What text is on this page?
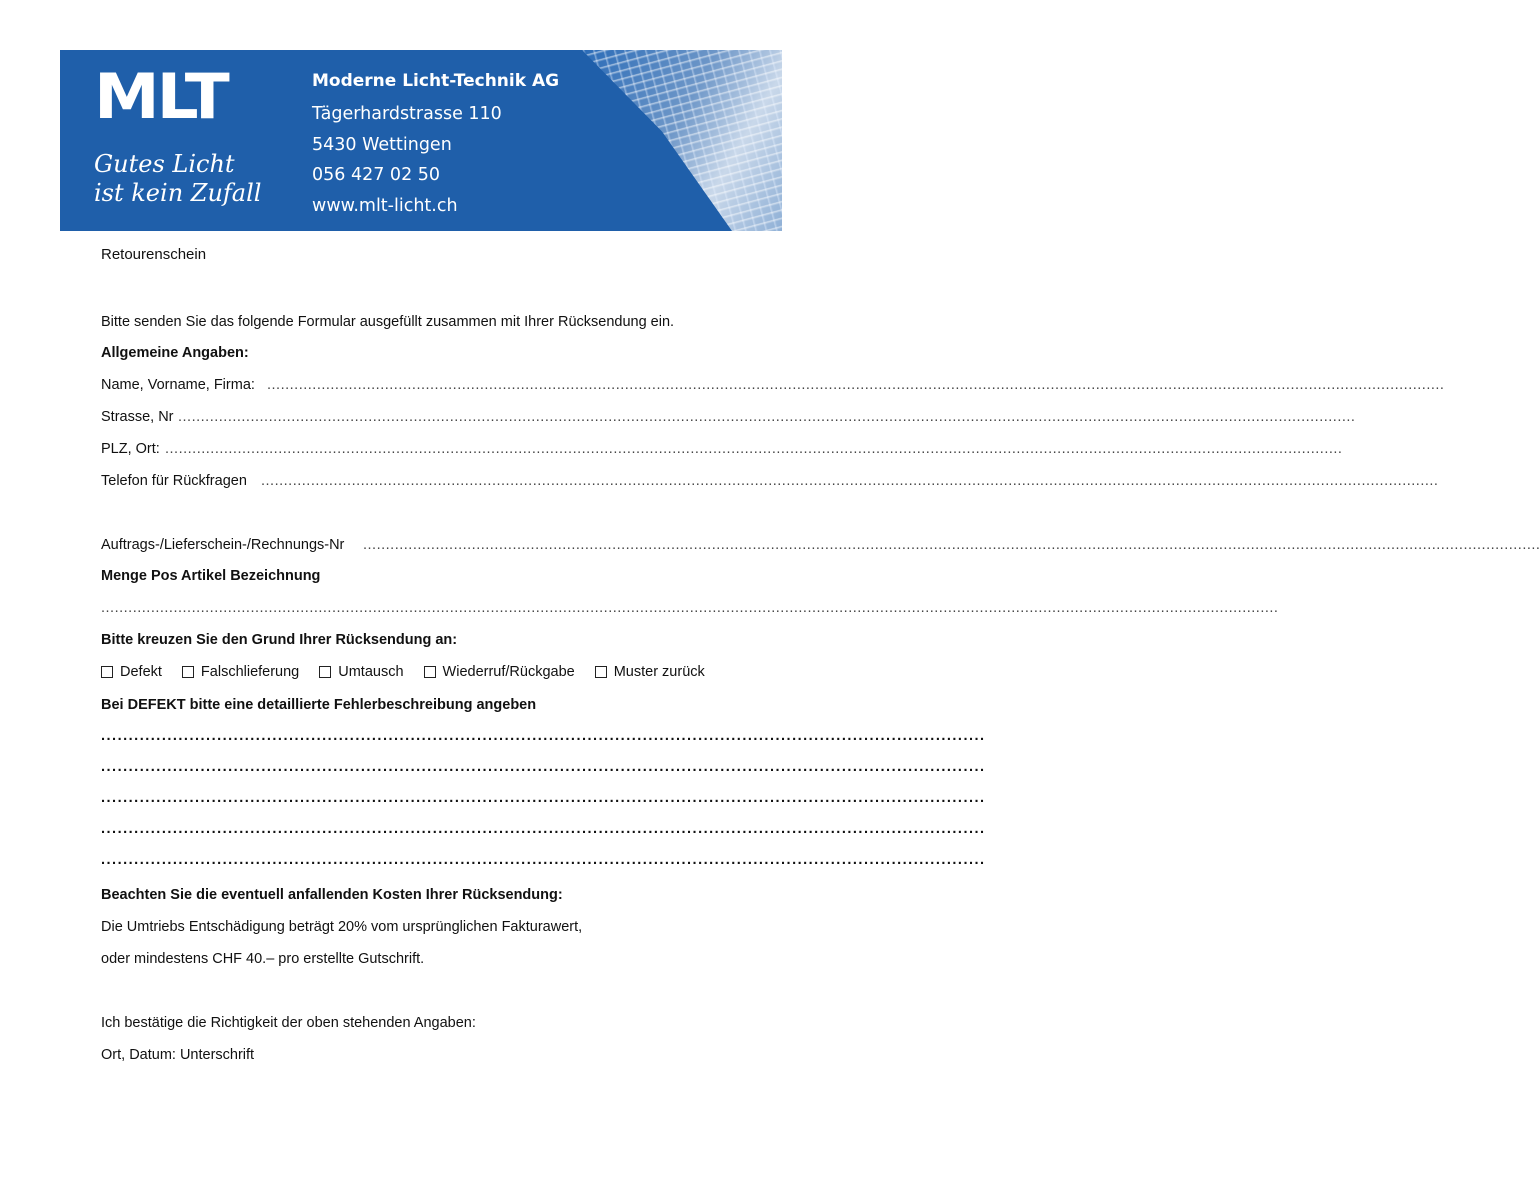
MLT
Gutes Licht
ist kein Zufall
Moderne Licht-Technik AG
Tägerhardstrasse 110
5430 Wettingen
056 427 02 50
www.mlt-licht.ch
Retourenschein
Bitte senden Sie das folgende Formular ausgefüllt zusammen mit Ihrer Rücksendung ein.
Allgemeine Angaben:
Name, Vorname, Firma: ....................................................................................................................................................................................................................................................................
Strasse, Nr ....................................................................................................................................................................................................................................................................
PLZ, Ort: ....................................................................................................................................................................................................................................................................
Telefon für Rückfragen ....................................................................................................................................................................................................................................................................
Auftrags-/Lieferschein-/Rechnungs-Nr ....................................................................................................................................................................................................................................................................
Menge Pos Artikel Bezeichnung
....................................................................................................................................................................................................................................................................
Bitte kreuzen Sie den Grund Ihrer Rücksendung an:
Defekt	Falschlieferung	Umtausch	Wiederruf/Rückgabe	Muster zurück
Bei DEFEKT bitte eine detaillierte Fehlerbeschreibung angeben
................................................................................................................................................................
................................................................................................................................................................
................................................................................................................................................................
................................................................................................................................................................
................................................................................................................................................................
Beachten Sie die eventuell anfallenden Kosten Ihrer Rücksendung:
Die Umtriebs Entschädigung beträgt 20% vom ursprünglichen Fakturawert,
oder mindestens CHF 40.– pro erstellte Gutschrift.
Ich bestätige die Richtigkeit der oben stehenden Angaben:
Ort, Datum: Unterschrift
